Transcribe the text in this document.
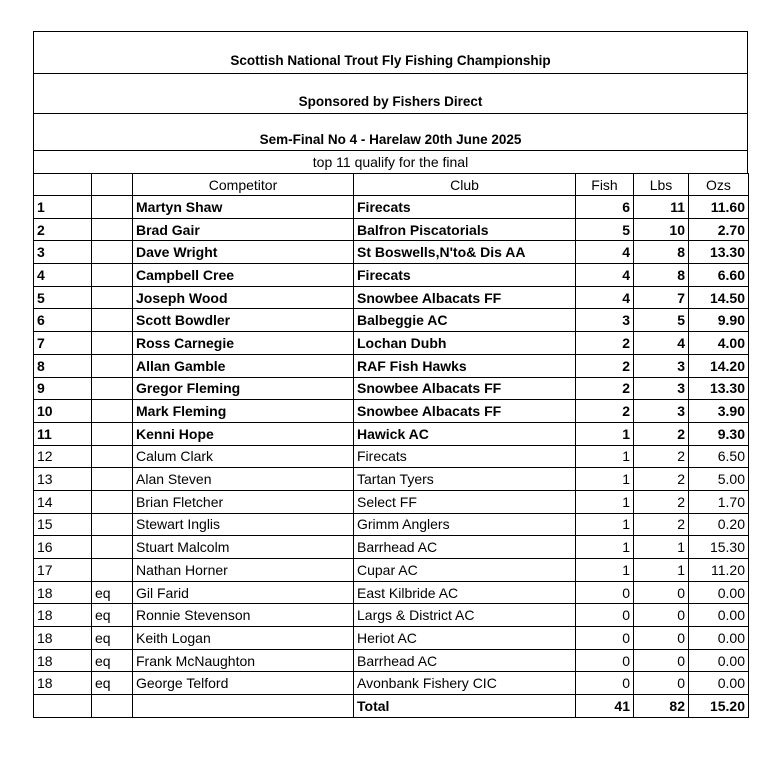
Scottish National Trout Fly Fishing Championship
Sponsored by Fishers Direct
Sem-Final No 4 - Harelaw 20th June 2025
top 11 qualify for the final
		Competitor	Club	Fish	Lbs	Ozs
1		Martyn Shaw	Firecats	6	11	11.60
2		Brad Gair	Balfron Piscatorials	5	10	2.70
3		Dave Wright	St Boswells,N'to& Dis AA	4	8	13.30
4		Campbell Cree	Firecats	4	8	6.60
5		Joseph Wood	Snowbee Albacats FF	4	7	14.50
6		Scott Bowdler	Balbeggie AC	3	5	9.90
7		Ross Carnegie	Lochan Dubh	2	4	4.00
8		Allan Gamble	RAF Fish Hawks	2	3	14.20
9		Gregor Fleming	Snowbee Albacats FF	2	3	13.30
10		Mark Fleming	Snowbee Albacats FF	2	3	3.90
11		Kenni Hope	Hawick AC	1	2	9.30
12		Calum Clark	Firecats	1	2	6.50
13		Alan Steven	Tartan Tyers	1	2	5.00
14		Brian Fletcher	Select FF	1	2	1.70
15		Stewart Inglis	Grimm Anglers	1	2	0.20
16		Stuart Malcolm	Barrhead AC	1	1	15.30
17		Nathan Horner	Cupar AC	1	1	11.20
18	eq	Gil Farid	East Kilbride AC	0	0	0.00
18	eq	Ronnie Stevenson	Largs & District AC	0	0	0.00
18	eq	Keith Logan	Heriot AC	0	0	0.00
18	eq	Frank McNaughton	Barrhead AC	0	0	0.00
18	eq	George Telford	Avonbank Fishery CIC	0	0	0.00
			Total	41	82	15.20
